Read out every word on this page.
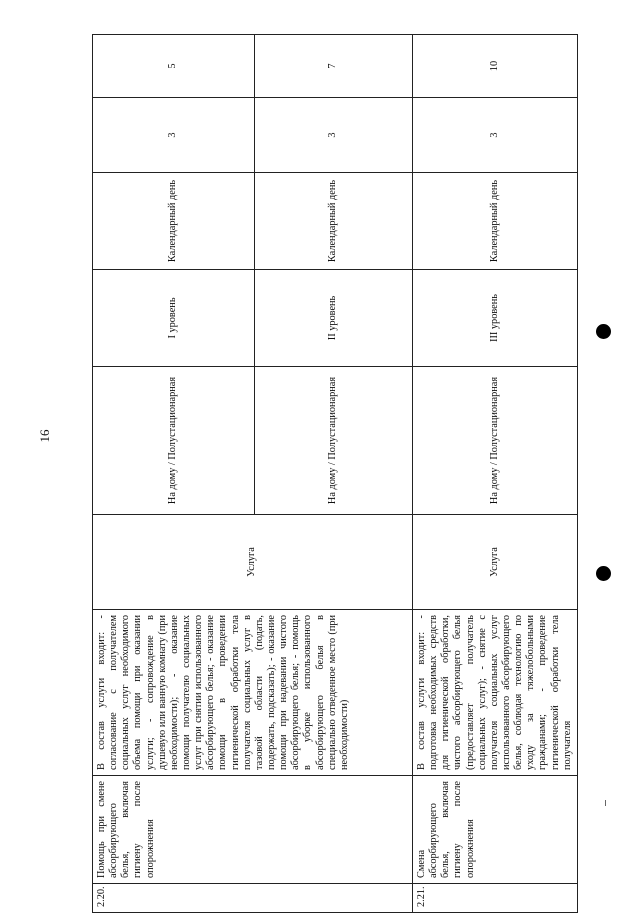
16
2.20.	Помощь при смене абсорбирующего белья, включая гигиену после опорожнения	В состав услуги входит: - согласование с получателем социальных услуг необходимого объема помощи при оказании услуги; - сопровождение в душевую или ванную комнату (при необходимости); - оказание помощи получателю социальных услуг при снятии использованного абсорбирующего белья; - оказание помощи в проведении гигиенической обработки тела получателя социальных услуг в тазовой области (подать, подержать, подсказать); - оказание помощи при надевании чистого абсорбирующего белья; - помощь в уборке использованного абсорбирующего белья в специально отведенное место (при необходимости)	Услуга	На дому / Полустационарная	I уровень	Календарный день	3	5
				На дому / Полустационарная	II уровень	Календарный день	3	7
2.21.	Смена абсорбирующего белья, включая гигиену после опорожнения	В состав услуги входит: - подготовка необходимых средств для гигиенической обработки, чистого абсорбирующего белья (предоставляет получатель социальных услуг); - снятие с получателя социальных услуг использованного абсорбирующего белья, соблюдая технологию по уходу за тяжелобольными гражданами; - проведение гигиенической обработки тела получателя	Услуга	На дому / Полустационарная	III уровень	Календарный день	3	10
